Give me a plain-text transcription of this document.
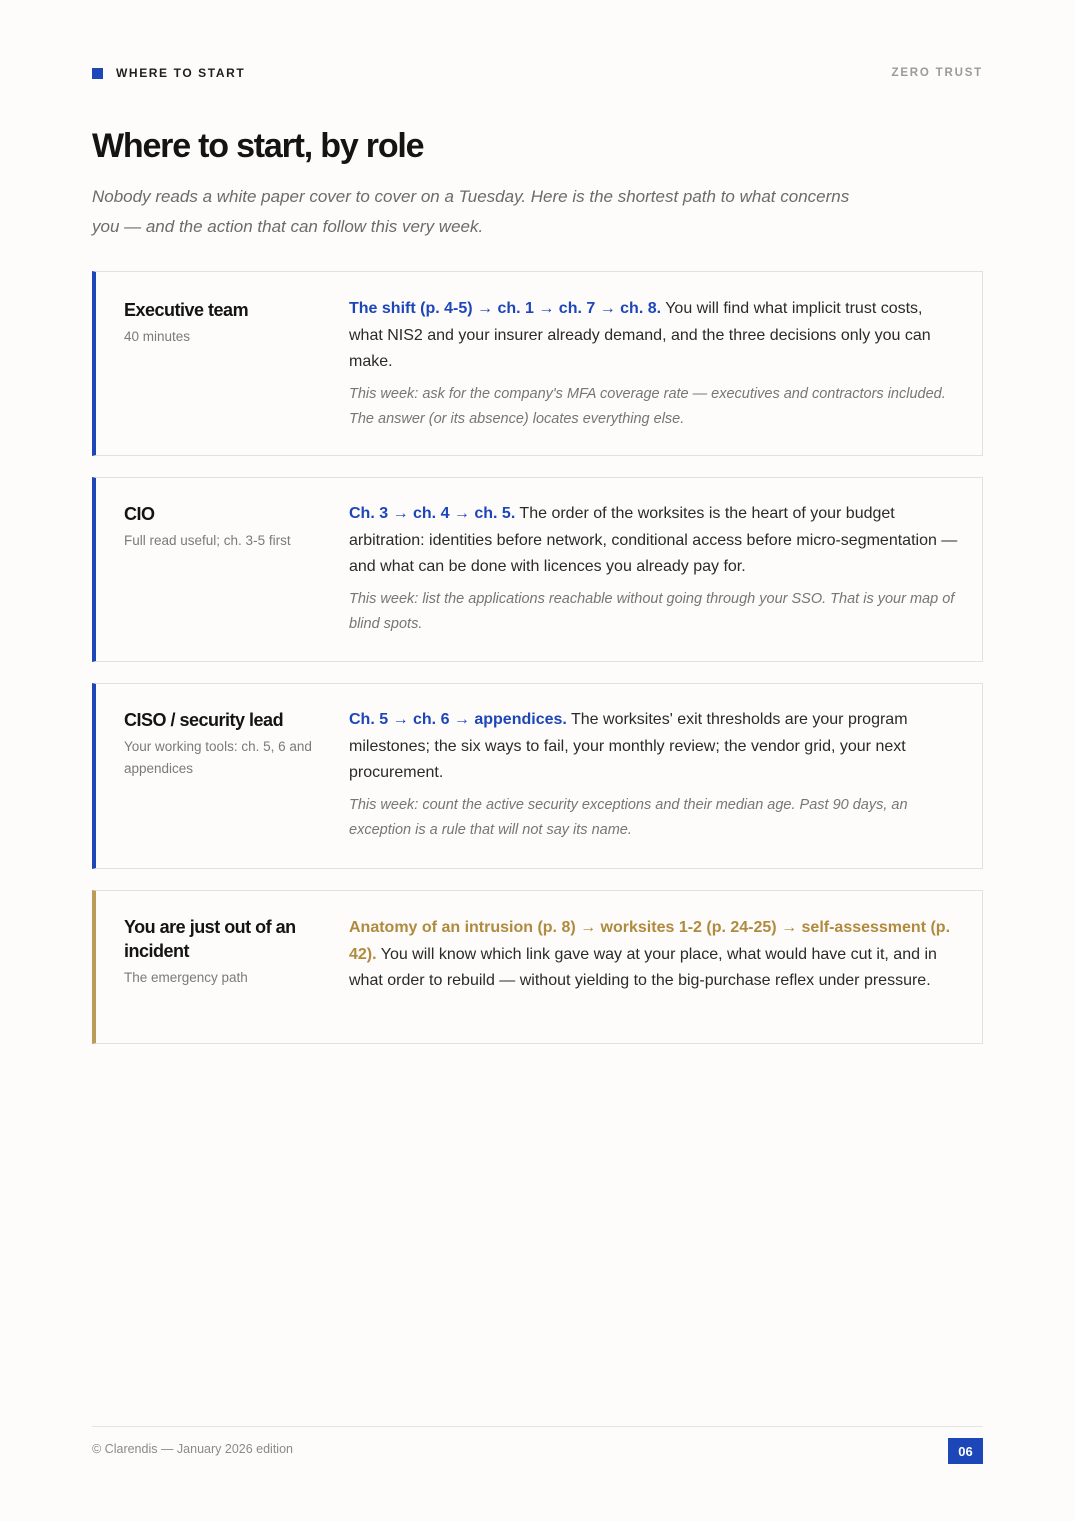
WHERE TO START	ZERO TRUST
Where to start, by role

Nobody reads a white paper cover to cover on a Tuesday. Here is the shortest path to what concerns you — and the action that can follow this very week.

Executive team

40 minutes

The shift (p. 4-5) → ch. 1 → ch. 7 → ch. 8. You will find what implicit trust costs, what NIS2 and your insurer already demand, and the three decisions only you can make.

This week: ask for the company's MFA coverage rate — executives and contractors included. The answer (or its absence) locates everything else.

CIO

Full read useful; ch. 3-5 first

Ch. 3 → ch. 4 → ch. 5. The order of the worksites is the heart of your budget arbitration: identities before network, conditional access before micro-segmentation — and what can be done with licences you already pay for.

This week: list the applications reachable without going through your SSO. That is your map of blind spots.

CISO / security lead

Your working tools: ch. 5, 6 and appendices

Ch. 5 → ch. 6 → appendices. The worksites' exit thresholds are your program milestones; the six ways to fail, your monthly review; the vendor grid, your next procurement.

This week: count the active security exceptions and their median age. Past 90 days, an exception is a rule that will not say its name.

You are just out of an incident

The emergency path

Anatomy of an intrusion (p. 8) → worksites 1-2 (p. 24-25) → self-assessment (p. 42). You will know which link gave way at your place, what would have cut it, and in what order to rebuild — without yielding to the big-purchase reflex under pressure.

© Clarendis — January 2026 edition	06
